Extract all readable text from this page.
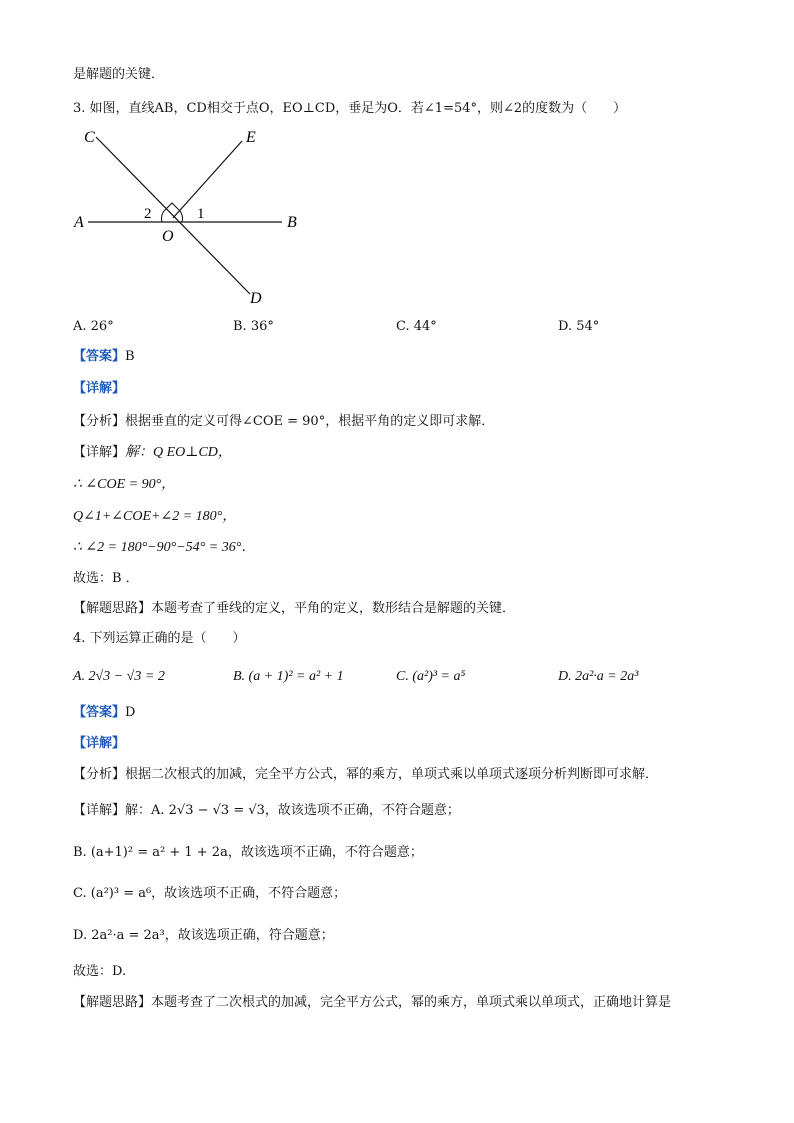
是解题的关键．
3. 如图，直线AB，CD相交于点O，EO⊥CD，垂足为O．若∠1=54°，则∠2的度数为（　　）
C	E
A	B
O
D
1
2
A. 26°	B. 36°	C. 44°	D. 54°
【答案】B
【详解】
【分析】根据垂直的定义可得∠COE = 90°，根据平角的定义即可求解．
【详解】解：Q EO⊥CD，
∴ ∠COE = 90°，
Q∠1+∠COE+∠2 = 180°，
∴ ∠2 = 180°−90°−54° = 36°．
故选：B ．
【解题思路】本题考查了垂线的定义，平角的定义，数形结合是解题的关键．
4. 下列运算正确的是（　　）
A. 2√3 − √3 = 2	B. (a + 1)² = a² + 1	C. (a²)³ = a⁵	D. 2a²·a = 2a³
【答案】D
【详解】
【分析】根据二次根式的加减，完全平方公式，幂的乘方，单项式乘以单项式逐项分析判断即可求解．
【详解】解：A. 2√3 − √3 = √3，故该选项不正确，不符合题意；
B. (a+1)² = a² + 1 + 2a，故该选项不正确，不符合题意；
C. (a²)³ = a⁶，故该选项不正确，不符合题意；
D. 2a²·a = 2a³，故该选项正确，符合题意；
故选：D.
【解题思路】本题考查了二次根式的加减，完全平方公式，幂的乘方，单项式乘以单项式，正确地计算是
